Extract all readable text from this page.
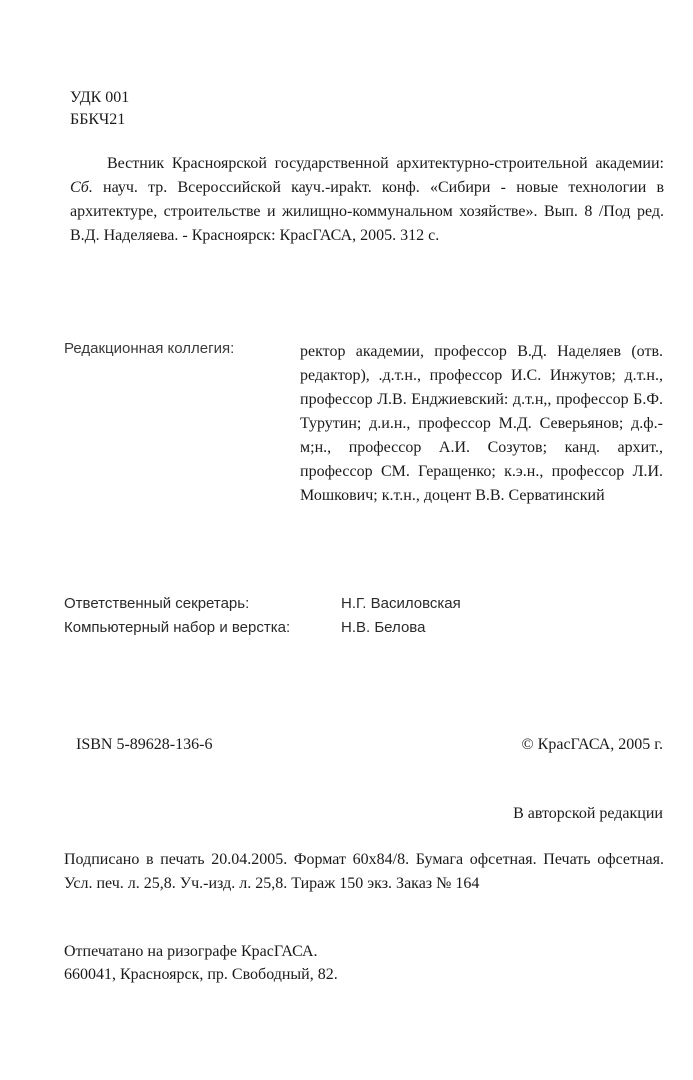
УДК 001

ББКЧ21

Вестник Красноярской государственной архитектурно-строительной академии: Сб. науч. тр. Всероссийской кауч.-ирakт. конф. «Сибири - новые технологии в архитектуре, строительстве и жилищно-коммунальном хозяйстве». Вып. 8 /Под ред. В.Д. Наделяева. - Красноярск: КрасГАСА, 2005. 312 с.

Редакционная коллегия:	ректор академии, профессор В.Д. Наделяев (отв. редактор), .д.т.н., профессор И.С. Инжутов; д.т.н., профессор Л.В. Енджиевский: д.т.н,, профессор Б.Ф. Турутин; д.и.н., профессор М.Д. Северьянов; д.ф.-м;н., профессор А.И. Созутов; канд. архит., профессор СМ. Геращенко; к.э.н., профессор Л.И. Мошкович; к.т.н., доцент В.В. Серватинский

Ответственный секретарь:	Н.Г. Василовская

Компьютерный набор и верстка:	Н.В. Белова

ISBN 5-89628-136-6	© КрасГАСА, 2005 г.

В авторской редакции

Подписано в печать 20.04.2005. Формат 60x84/8. Бумага офсетная. Печать офсетная. Усл. печ. л. 25,8. Уч.-изд. л. 25,8. Тираж 150 экз. Заказ № 164

Отпечатано на ризографе КрасГАСА.

660041, Красноярск, пр. Свободный, 82.
